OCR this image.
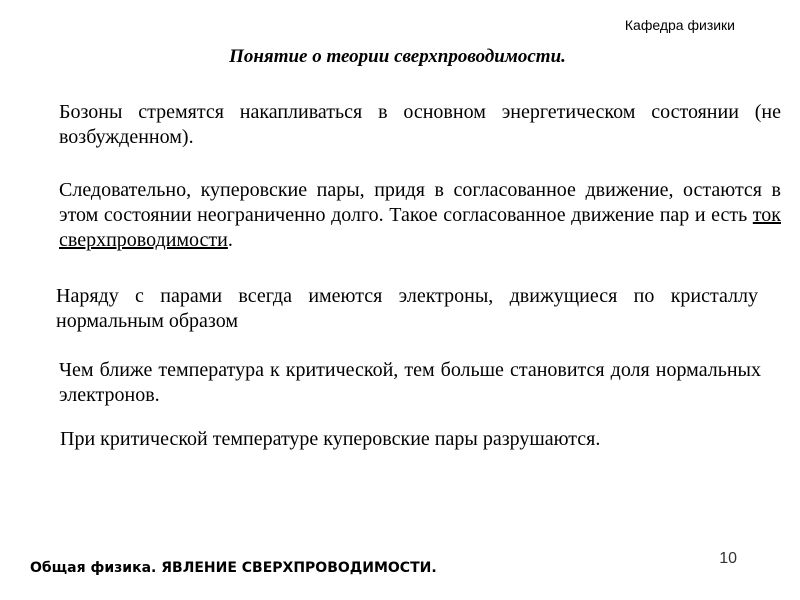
Кафедра физики
Понятие о теории сверхпроводимости.
Бозоны стремятся накапливаться в основном энергетическом состоянии (не возбужденном).
Следовательно, куперовские пары, придя в согласованное движение, остаются в этом состоянии неограниченно долго. Такое согласованное движение пар и есть ток сверхпроводимости.
Наряду с парами всегда имеются электроны, движущиеся по кристаллу нормальным образом
Чем ближе температура к критической, тем больше становится доля нормальных электронов.
При критической температуре куперовские пары разрушаются.
Общая физика. ЯВЛЕНИЕ СВЕРХПРОВОДИМОСТИ.
10
